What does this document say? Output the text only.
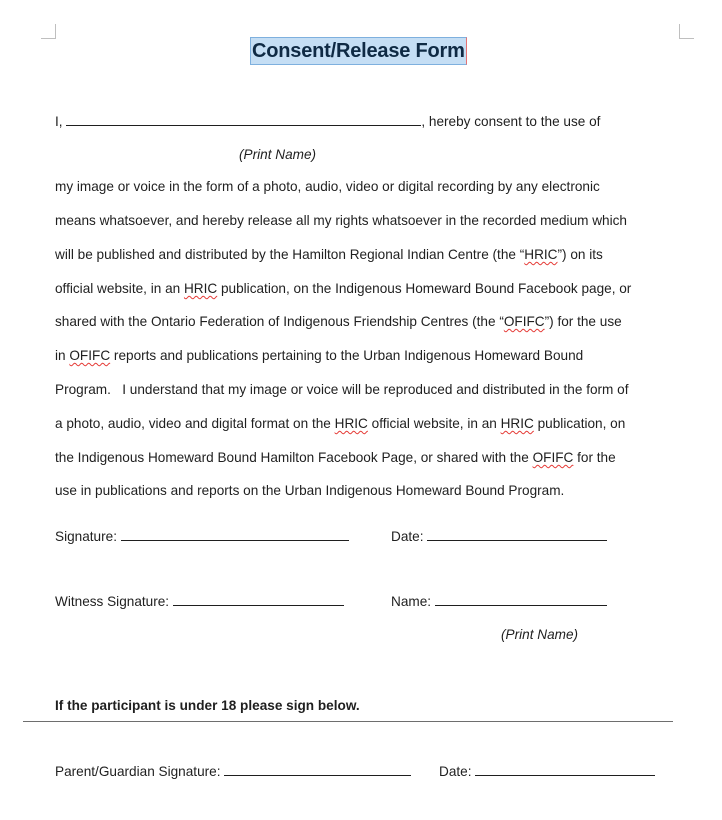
Consent/Release Form
I,	, hereby consent to the use of
(Print Name)
my image or voice in the form of a photo, audio, video or digital recording by any electronic
means whatsoever, and hereby release all my rights whatsoever in the recorded medium which
will be published and distributed by the Hamilton Regional Indian Centre (the “HRIC”) on its
official website, in an HRIC publication, on the Indigenous Homeward Bound Facebook page, or
shared with the Ontario Federation of Indigenous Friendship Centres (the “OFIFC”) for the use
in OFIFC reports and publications pertaining to the Urban Indigenous Homeward Bound
Program.   I understand that my image or voice will be reproduced and distributed in the form of
a photo, audio, video and digital format on the HRIC official website, in an HRIC publication, on
the Indigenous Homeward Bound Hamilton Facebook Page, or shared with the OFIFC for the
use in publications and reports on the Urban Indigenous Homeward Bound Program.
Signature:	Date:
Witness Signature:	Name:
(Print Name)
If the participant is under 18 please sign below.
Parent/Guardian Signature:	Date:
